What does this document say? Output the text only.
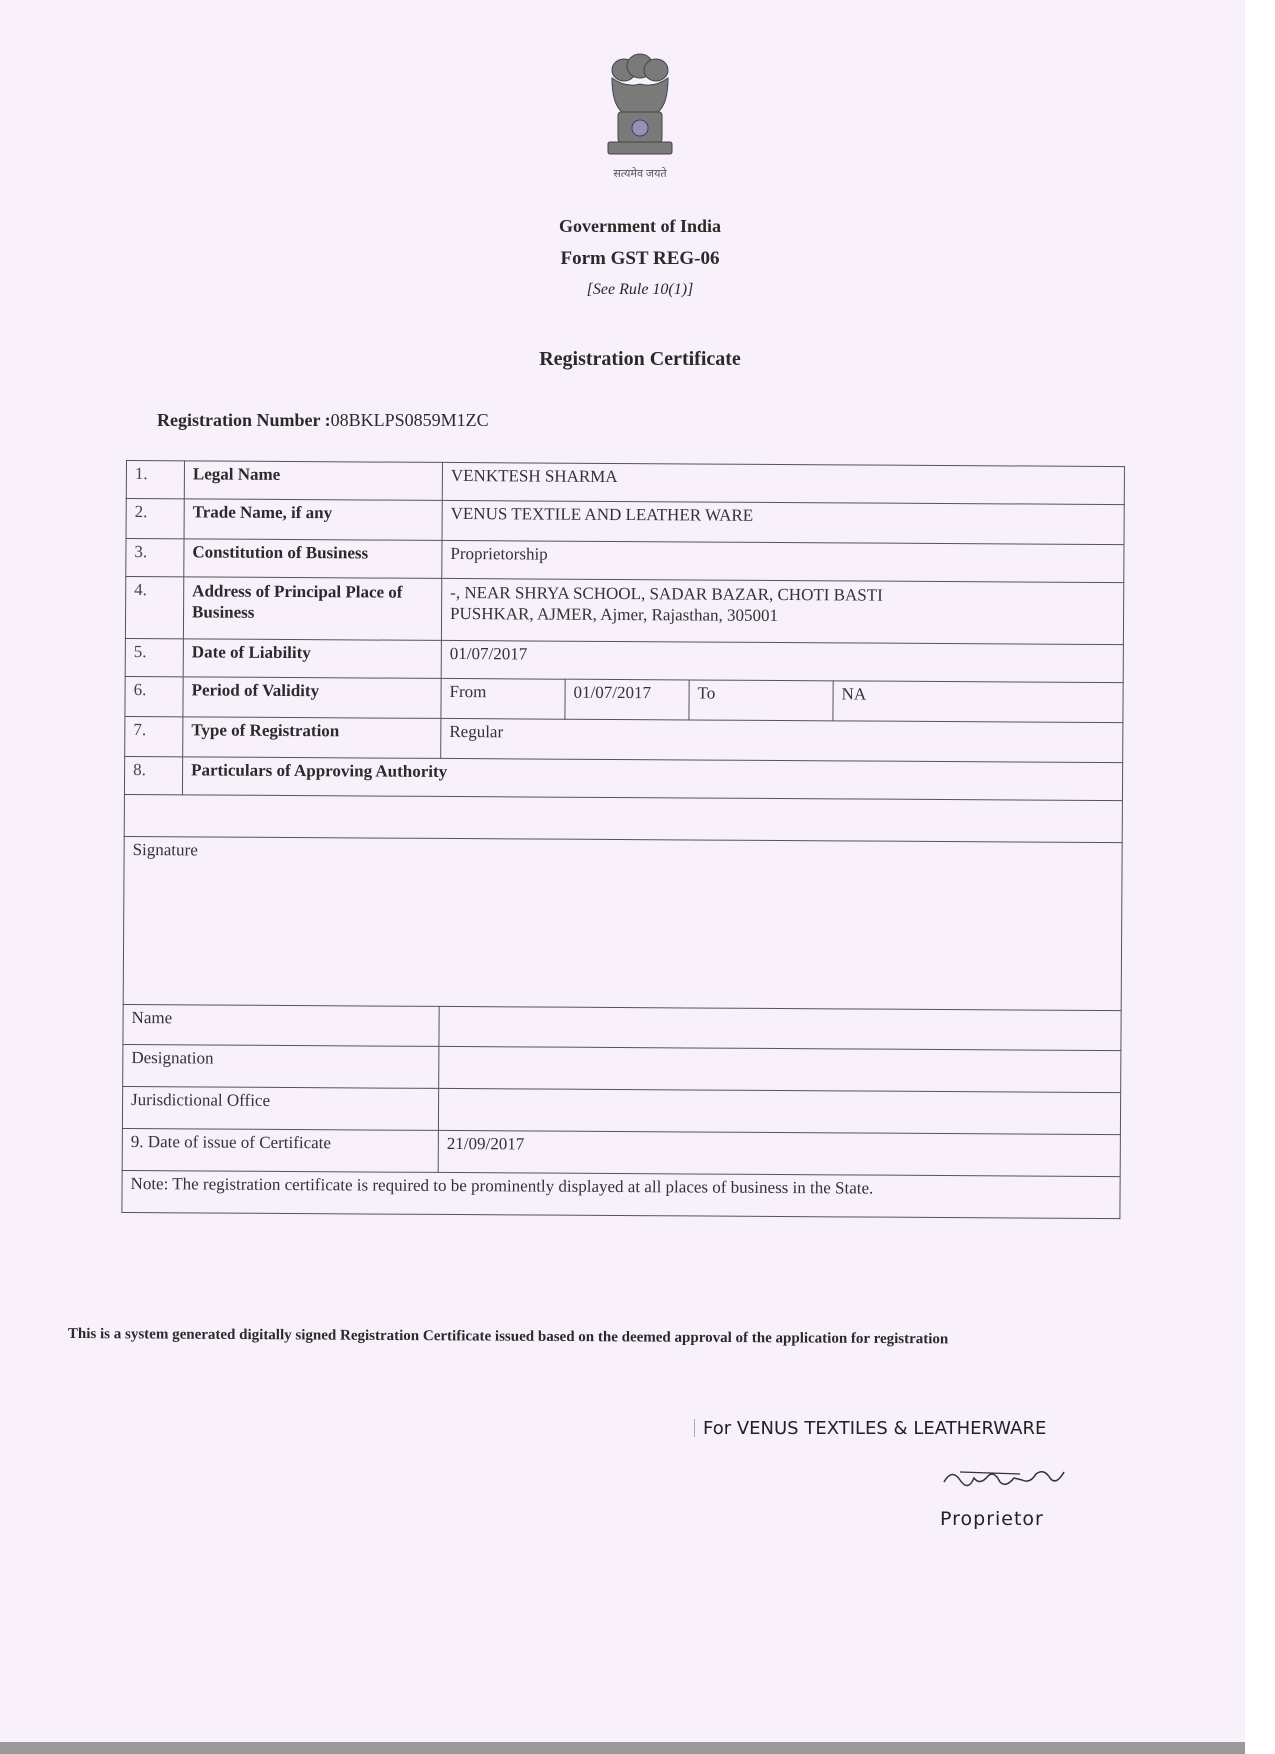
सत्यमेव जयते
Government of India
Form GST REG-06
[See Rule 10(1)]
Registration Certificate
Registration Number :08BKLPS0859M1ZC
1.	Legal Name	VENKTESH SHARMA			
2.	Trade Name, if any	VENUS TEXTILE AND LEATHER WARE			
3.	Constitution of Business	Proprietorship			
4.	Address of Principal Place of Business	-, NEAR SHRYA SCHOOL, SADAR BAZAR, CHOTI BASTI
PUSHKAR, AJMER, Ajmer, Rajasthan, 305001			

5.	Date of Liability	01/07/2017			
6.	Period of Validity	From	01/07/2017	To	NA
7.	Type of Registration	Regular			
8.	Particulars of Approving Authority				

Signature					
Name					
Designation					
Jurisdictional Office					
9. Date of issue of Certificate		21/09/2017			
Note: The registration certificate is required to be prominently displayed at all places of business in the State.					
This is a system generated digitally signed Registration Certificate issued based on the deemed approval of the application for registration
For VENUS TEXTILES & LEATHERWARE
Proprietor
